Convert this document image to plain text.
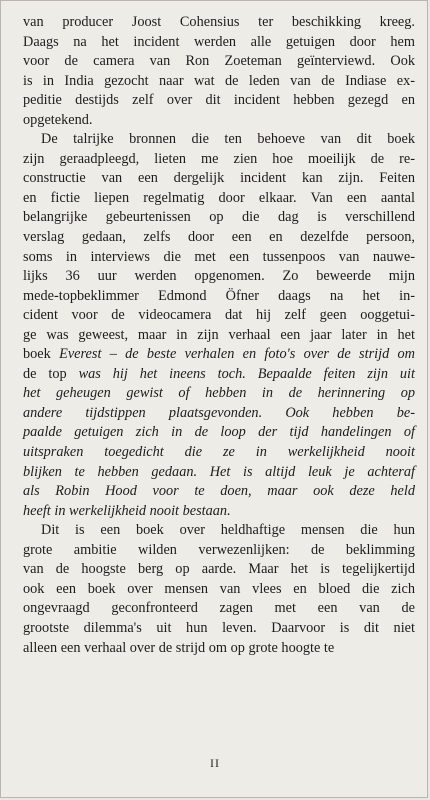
van producer Joost Cohensius ter beschikking kreeg.
Daags na het incident werden alle getuigen door hem
voor de camera van Ron Zoeteman geïnterviewd. Ook
is in India gezocht naar wat de leden van de Indiase ex-
peditie destijds zelf over dit incident hebben gezegd en
opgetekend.
De talrijke bronnen die ten behoeve van dit boek
zijn geraadpleegd, lieten me zien hoe moeilijk de re-
constructie van een dergelijk incident kan zijn. Feiten
en fictie liepen regelmatig door elkaar. Van een aantal
belangrijke gebeurtenissen op die dag is verschillend
verslag gedaan, zelfs door een en dezelfde persoon,
soms in interviews die met een tussenpoos van nauwe-
lijks 36 uur werden opgenomen. Zo beweerde mijn
mede-topbeklimmer Edmond Öfner daags na het in-
cident voor de videocamera dat hij zelf geen ooggetui-
ge was geweest, maar in zijn verhaal een jaar later in het
boek Everest – de beste verhalen en foto's over de strijd om
de top was hij het ineens toch. Bepaalde feiten zijn uit
het geheugen gewist of hebben in de herinnering op
andere tijdstippen plaatsgevonden. Ook hebben be-
paalde getuigen zich in de loop der tijd handelingen of
uitspraken toegedicht die ze in werkelijkheid nooit
blijken te hebben gedaan. Het is altijd leuk je achteraf
als Robin Hood voor te doen, maar ook deze held
heeft in werkelijkheid nooit bestaan.
Dit is een boek over heldhaftige mensen die hun
grote ambitie wilden verwezenlijken: de beklimming
van de hoogste berg op aarde. Maar het is tegelijkertijd
ook een boek over mensen van vlees en bloed die zich
ongevraagd geconfronteerd zagen met een van de
grootste dilemma's uit hun leven. Daarvoor is dit niet
alleen een verhaal over de strijd om op grote hoogte te
II
